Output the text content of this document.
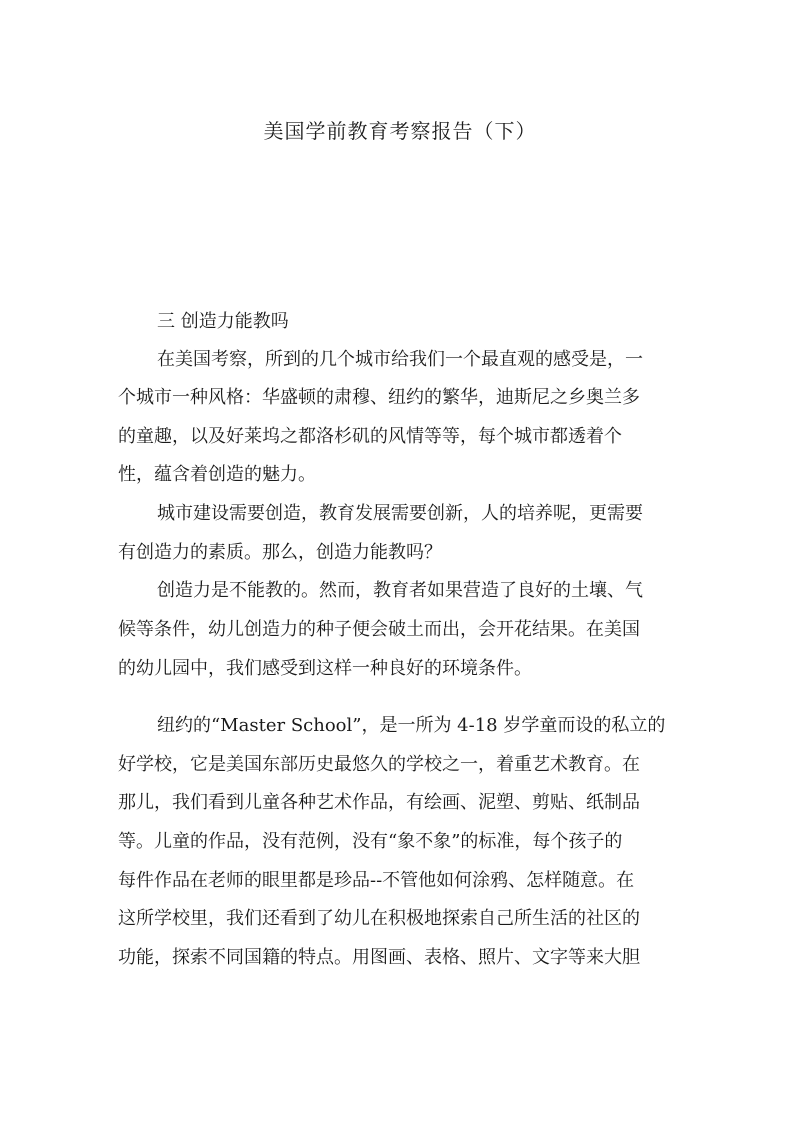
美国学前教育考察报告（下）
三 创造力能教吗
在美国考察，所到的几个城市给我们一个最直观的感受是，一
个城市一种风格：华盛顿的肃穆、纽约的繁华，迪斯尼之乡奥兰多
的童趣，以及好莱坞之都洛杉矶的风情等等，每个城市都透着个
性，蕴含着创造的魅力。
城市建设需要创造，教育发展需要创新，人的培养呢，更需要
有创造力的素质。那么，创造力能教吗？
创造力是不能教的。然而，教育者如果营造了良好的土壤、气
候等条件，幼儿创造力的种子便会破土而出，会开花结果。在美国
的幼儿园中，我们感受到这样一种良好的环境条件。
纽约的“Master School”，是一所为 4-18 岁学童而设的私立的
好学校，它是美国东部历史最悠久的学校之一，着重艺术教育。在
那儿，我们看到儿童各种艺术作品，有绘画、泥塑、剪贴、纸制品
等。儿童的作品，没有范例，没有“象不象”的标准，每个孩子的
每件作品在老师的眼里都是珍品--不管他如何涂鸦、怎样随意。在
这所学校里，我们还看到了幼儿在积极地探索自己所生活的社区的
功能，探索不同国籍的特点。用图画、表格、照片、文字等来大胆
